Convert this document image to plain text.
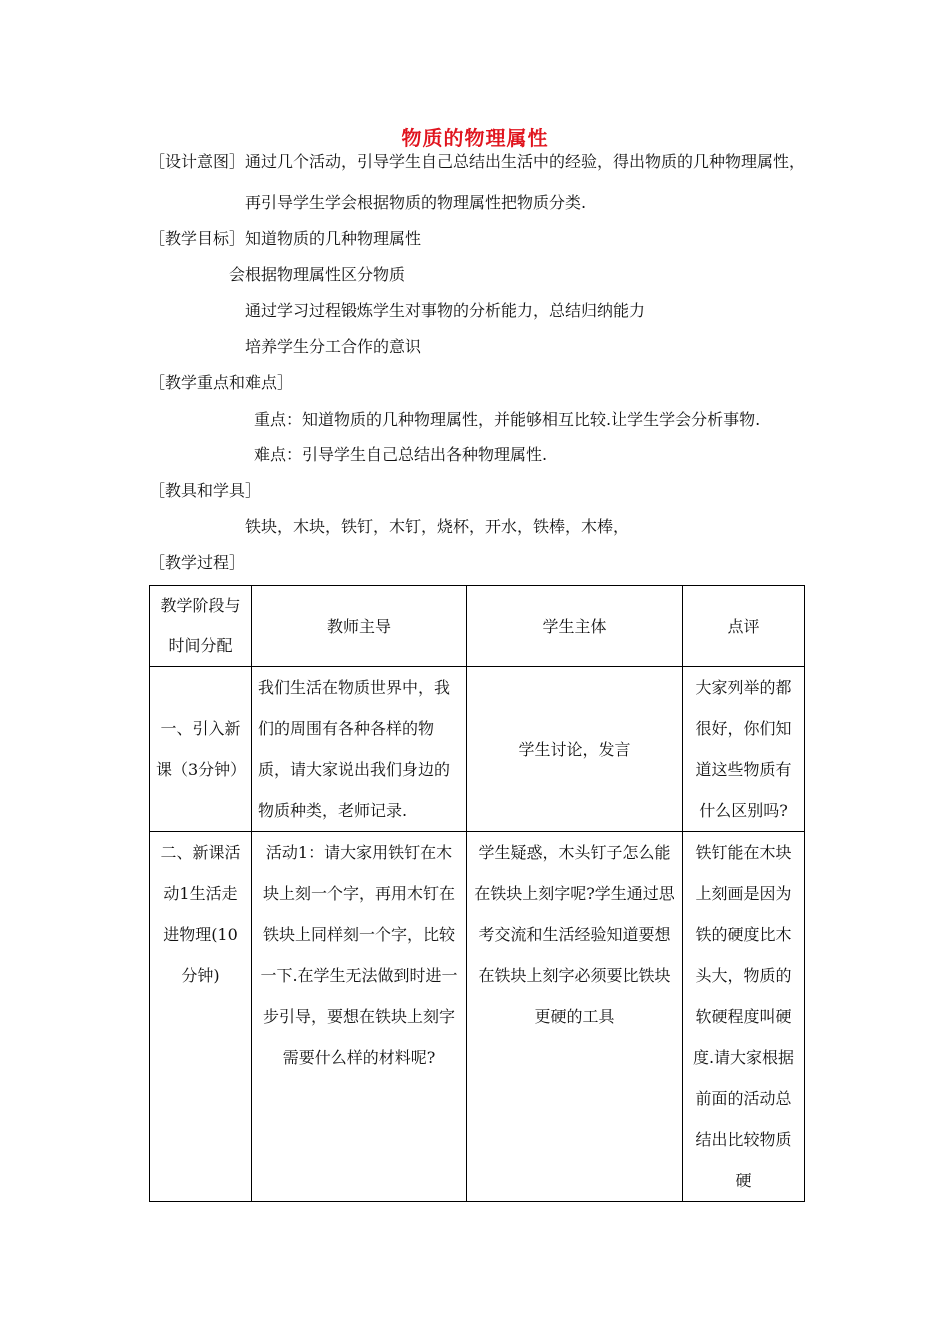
物质的物理属性
［设计意图］ 通过几个活动，引导学生自己总结出生活中的经验，得出物质的几种物理属性，
再引导学生学会根据物质的物理属性把物质分类.
［教学目标］ 知道物质的几种物理属性
会根据物理属性区分物质
通过学习过程锻炼学生对事物的分析能力，总结归纳能力
培养学生分工合作的意识
［教学重点和难点］
重点：知道物质的几种物理属性，并能够相互比较.让学生学会分析事物.
难点：引导学生自己总结出各种物理属性.
［教具和学具］
铁块，木块，铁钉，木钉，烧杯，开水，铁棒，木棒，
［教学过程］
教学阶段与时间分配	教师主导	学生主体	点评
一、引入新课（3分钟）	我们生活在物质世界中，我们的周围有各种各样的物质，请大家说出我们身边的物质种类，老师记录.	学生讨论，发言	大家列举的都很好，你们知道这些物质有什么区别吗?
二、新课活动1生活走进物理(10分钟)	活动1：请大家用铁钉在木块上刻一个字，再用木钉在铁块上同样刻一个字，比较一下.在学生无法做到时进一步引导，要想在铁块上刻字需要什么样的材料呢?	学生疑惑，木头钉子怎么能在铁块上刻字呢?学生通过思考交流和生活经验知道要想在铁块上刻字必须要比铁块更硬的工具	铁钉能在木块上刻画是因为铁的硬度比木头大，物质的软硬程度叫硬度.请大家根据前面的活动总结出比较物质硬
